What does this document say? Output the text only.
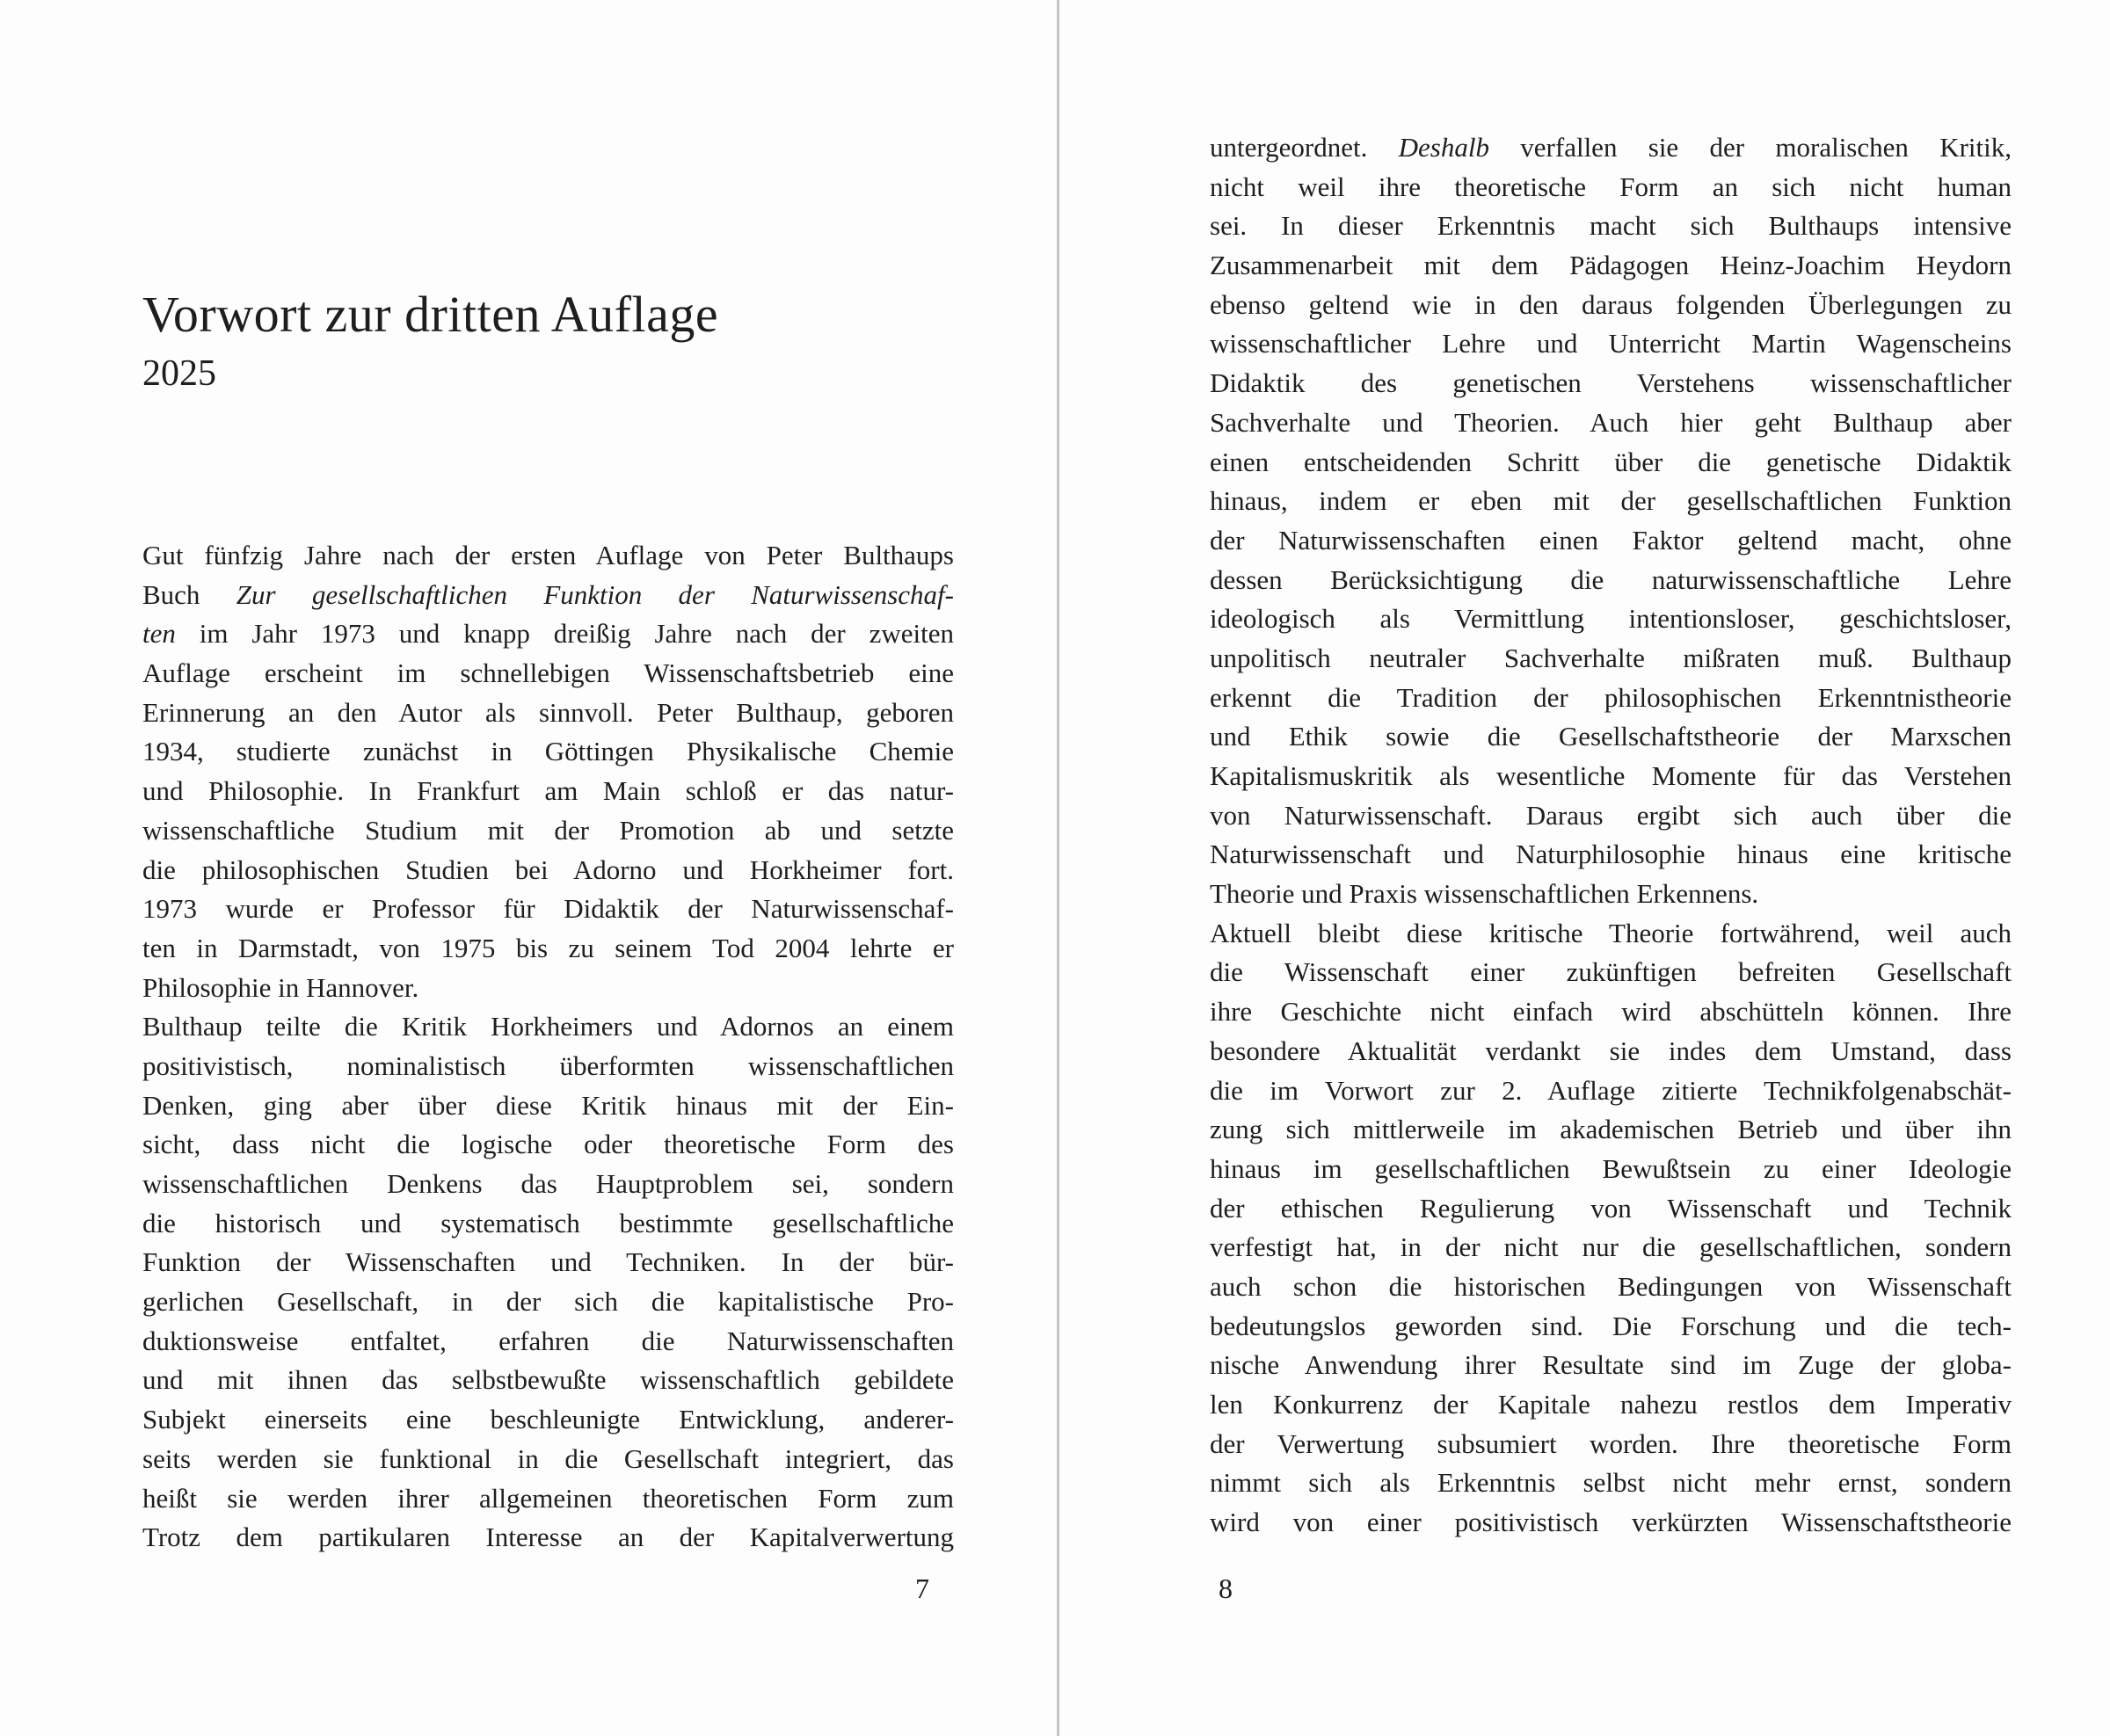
Vorwort zur dritten Auflage
2025
Gut fünfzig Jahre nach der ersten Auflage von Peter Bulthaups
Buch Zur gesellschaftlichen Funktion der Naturwissenschaf-
ten im Jahr 1973 und knapp dreißig Jahre nach der zweiten
Auflage erscheint im schnellebigen Wissenschaftsbetrieb eine
Erinnerung an den Autor als sinnvoll. Peter Bulthaup, geboren
1934, studierte zunächst in Göttingen Physikalische Chemie
und Philosophie. In Frankfurt am Main schloß er das natur-
wissenschaftliche Studium mit der Promotion ab und setzte
die philosophischen Studien bei Adorno und Horkheimer fort.
1973 wurde er Professor für Didaktik der Naturwissenschaf-
ten in Darmstadt, von 1975 bis zu seinem Tod 2004 lehrte er
Philosophie in Hannover.
Bulthaup teilte die Kritik Horkheimers und Adornos an einem
positivistisch, nominalistisch überformten wissenschaftlichen
Denken, ging aber über diese Kritik hinaus mit der Ein-
sicht, dass nicht die logische oder theoretische Form des
wissenschaftlichen Denkens das Hauptproblem sei, sondern
die historisch und systematisch bestimmte gesellschaftliche
Funktion der Wissenschaften und Techniken. In der bür-
gerlichen Gesellschaft, in der sich die kapitalistische Pro-
duktionsweise entfaltet, erfahren die Naturwissenschaften
und mit ihnen das selbstbewußte wissenschaftlich gebildete
Subjekt einerseits eine beschleunigte Entwicklung, anderer-
seits werden sie funktional in die Gesellschaft integriert, das
heißt sie werden ihrer allgemeinen theoretischen Form zum
Trotz dem partikularen Interesse an der Kapitalverwertung
7
untergeordnet. Deshalb verfallen sie der moralischen Kritik,
nicht weil ihre theoretische Form an sich nicht human
sei. In dieser Erkenntnis macht sich Bulthaups intensive
Zusammenarbeit mit dem Pädagogen Heinz-Joachim Heydorn
ebenso geltend wie in den daraus folgenden Überlegungen zu
wissenschaftlicher Lehre und Unterricht Martin Wagenscheins
Didaktik des genetischen Verstehens wissenschaftlicher
Sachverhalte und Theorien. Auch hier geht Bulthaup aber
einen entscheidenden Schritt über die genetische Didaktik
hinaus, indem er eben mit der gesellschaftlichen Funktion
der Naturwissenschaften einen Faktor geltend macht, ohne
dessen Berücksichtigung die naturwissenschaftliche Lehre
ideologisch als Vermittlung intentionsloser, geschichtsloser,
unpolitisch neutraler Sachverhalte mißraten muß. Bulthaup
erkennt die Tradition der philosophischen Erkenntnistheorie
und Ethik sowie die Gesellschaftstheorie der Marxschen
Kapitalismuskritik als wesentliche Momente für das Verstehen
von Naturwissenschaft. Daraus ergibt sich auch über die
Naturwissenschaft und Naturphilosophie hinaus eine kritische
Theorie und Praxis wissenschaftlichen Erkennens.
Aktuell bleibt diese kritische Theorie fortwährend, weil auch
die Wissenschaft einer zukünftigen befreiten Gesellschaft
ihre Geschichte nicht einfach wird abschütteln können. Ihre
besondere Aktualität verdankt sie indes dem Umstand, dass
die im Vorwort zur 2. Auflage zitierte Technikfolgenabschät-
zung sich mittlerweile im akademischen Betrieb und über ihn
hinaus im gesellschaftlichen Bewußtsein zu einer Ideologie
der ethischen Regulierung von Wissenschaft und Technik
verfestigt hat, in der nicht nur die gesellschaftlichen, sondern
auch schon die historischen Bedingungen von Wissenschaft
bedeutungslos geworden sind. Die Forschung und die tech-
nische Anwendung ihrer Resultate sind im Zuge der globa-
len Konkurrenz der Kapitale nahezu restlos dem Imperativ
der Verwertung subsumiert worden. Ihre theoretische Form
nimmt sich als Erkenntnis selbst nicht mehr ernst, sondern
wird von einer positivistisch verkürzten Wissenschaftstheorie
8
